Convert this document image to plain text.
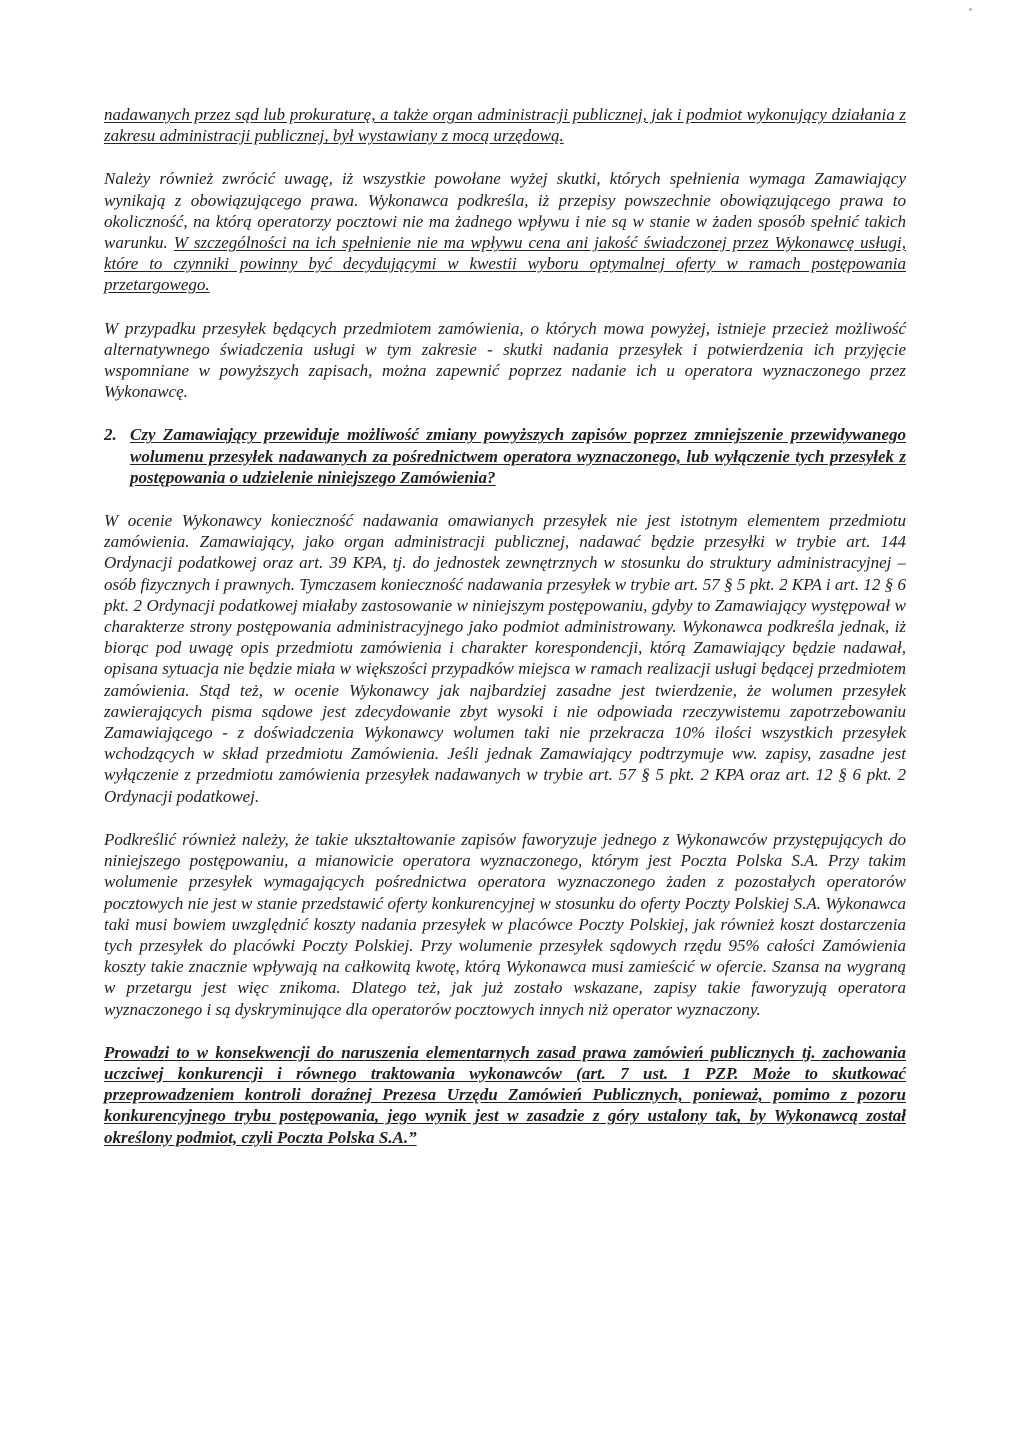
nadawanych przez sąd lub prokuraturę, a także organ administracji publicznej, jak i podmiot wykonujący działania z zakresu administracji publicznej, był wystawiany z mocą urzędową.

Należy również zwrócić uwagę, iż wszystkie powołane wyżej skutki, których spełnienia wymaga Zamawiający wynikają z obowiązującego prawa. Wykonawca podkreśla, iż przepisy powszechnie obowiązującego prawa to okoliczność, na którą operatorzy pocztowi nie ma żadnego wpływu i nie są w stanie w żaden sposób spełnić takich warunku. W szczególności na ich spełnienie nie ma wpływu cena ani jakość świadczonej przez Wykonawcę usługi, które to czynniki powinny być decydującymi w kwestii wyboru optymalnej oferty w ramach postępowania przetargowego.

W przypadku przesyłek będących przedmiotem zamówienia, o których mowa powyżej, istnieje przecież możliwość alternatywnego świadczenia usługi w tym zakresie - skutki nadania przesyłek i potwierdzenia ich przyjęcie wspomniane w powyższych zapisach, można zapewnić poprzez nadanie ich u operatora wyznaczonego przez Wykonawcę.

2. Czy Zamawiający przewiduje możliwość zmiany powyższych zapisów poprzez zmniejszenie przewidywanego wolumenu przesyłek nadawanych za pośrednictwem operatora wyznaczonego, lub wyłączenie tych przesyłek z postępowania o udzielenie niniejszego Zamówienia?

W ocenie Wykonawcy konieczność nadawania omawianych przesyłek nie jest istotnym elementem przedmiotu zamówienia. Zamawiający, jako organ administracji publicznej, nadawać będzie przesyłki w trybie art. 144 Ordynacji podatkowej oraz art. 39 KPA, tj. do jednostek zewnętrznych w stosunku do struktury administracyjnej – osób fizycznych i prawnych. Tymczasem konieczność nadawania przesyłek w trybie art. 57 § 5 pkt. 2 KPA i art. 12 § 6 pkt. 2 Ordynacji podatkowej miałaby zastosowanie w niniejszym postępowaniu, gdyby to Zamawiający występował w charakterze strony postępowania administracyjnego jako podmiot administrowany. Wykonawca podkreśla jednak, iż biorąc pod uwagę opis przedmiotu zamówienia i charakter korespondencji, którą Zamawiający będzie nadawał, opisana sytuacja nie będzie miała w większości przypadków miejsca w ramach realizacji usługi będącej przedmiotem zamówienia. Stąd też, w ocenie Wykonawcy jak najbardziej zasadne jest twierdzenie, że wolumen przesyłek zawierających pisma sądowe jest zdecydowanie zbyt wysoki i nie odpowiada rzeczywistemu zapotrzebowaniu Zamawiającego - z doświadczenia Wykonawcy wolumen taki nie przekracza 10% ilości wszystkich przesyłek wchodzących w skład przedmiotu Zamówienia. Jeśli jednak Zamawiający podtrzymuje ww. zapisy, zasadne jest wyłączenie z przedmiotu zamówienia przesyłek nadawanych w trybie art. 57 § 5 pkt. 2 KPA oraz art. 12 § 6 pkt. 2 Ordynacji podatkowej.

Podkreślić również należy, że takie ukształtowanie zapisów faworyzuje jednego z Wykonawców przystępujących do niniejszego postępowaniu, a mianowicie operatora wyznaczonego, którym jest Poczta Polska S.A. Przy takim wolumenie przesyłek wymagających pośrednictwa operatora wyznaczonego żaden z pozostałych operatorów pocztowych nie jest w stanie przedstawić oferty konkurencyjnej w stosunku do oferty Poczty Polskiej S.A. Wykonawca taki musi bowiem uwzględnić koszty nadania przesyłek w placówce Poczty Polskiej, jak również koszt dostarczenia tych przesyłek do placówki Poczty Polskiej. Przy wolumenie przesyłek sądowych rzędu 95% całości Zamówienia koszty takie znacznie wpływają na całkowitą kwotę, którą Wykonawca musi zamieścić w ofercie. Szansa na wygraną w przetargu jest więc znikoma. Dlatego też, jak już zostało wskazane, zapisy takie faworyzują operatora wyznaczonego i są dyskryminujące dla operatorów pocztowych innych niż operator wyznaczony.

Prowadzi to w konsekwencji do naruszenia elementarnych zasad prawa zamówień publicznych tj. zachowania uczciwej konkurencji i równego traktowania wykonawców (art. 7 ust. 1 PZP. Może to skutkować przeprowadzeniem kontroli doraźnej Prezesa Urzędu Zamówień Publicznych, ponieważ, pomimo z pozoru konkurencyjnego trybu postępowania, jego wynik jest w zasadzie z góry ustalony tak, by Wykonawcą został określony podmiot, czyli Poczta Polska S.A.”
